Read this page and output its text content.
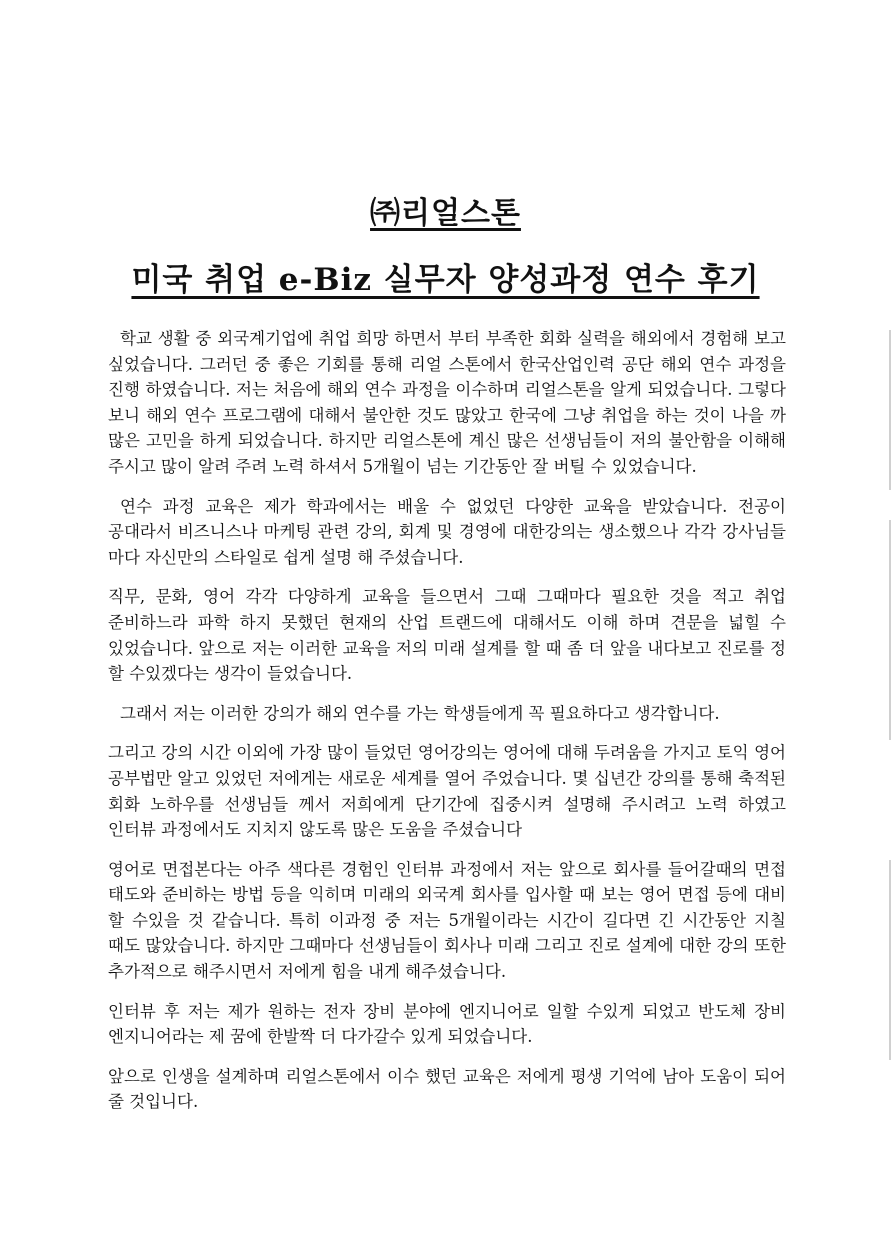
㈜리얼스톤
미국 취업 e-Biz 실무자 양성과정 연수 후기

학교 생활 중 외국계기업에 취업 희망 하면서 부터 부족한 회화 실력을 해외에서 경험해 보고 싶었습니다. 그러던 중 좋은 기회를 통해 리얼 스톤에서 한국산업인력 공단 해외 연수 과정을 진행 하였습니다. 저는 처음에 해외 연수 과정을 이수하며 리얼스톤을 알게 되었습니다. 그렇다 보니 해외 연수 프로그램에 대해서 불안한 것도 많았고 한국에 그냥 취업을 하는 것이 나을 까 많은 고민을 하게 되었습니다. 하지만 리얼스톤에 계신 많은 선생님들이 저의 불안함을 이해해 주시고 많이 알려 주려 노력 하셔서 5개월이 넘는 기간동안 잘 버틸 수 있었습니다.

연수 과정 교육은 제가 학과에서는 배울 수 없었던 다양한 교육을 받았습니다. 전공이 공대라서 비즈니스나 마케팅 관련 강의, 회계 및 경영에 대한강의는 생소했으나 각각 강사님들 마다 자신만의 스타일로 쉽게 설명 해 주셨습니다.

직무, 문화, 영어 각각 다양하게 교육을 들으면서 그때 그때마다 필요한 것을 적고 취업 준비하느라 파학 하지 못했던 현재의 산업 트랜드에 대해서도 이해 하며 견문을 넓힐 수 있었습니다. 앞으로 저는 이러한 교육을 저의 미래 설계를 할 때 좀 더 앞을 내다보고 진로를 정 할 수있겠다는 생각이 들었습니다.

그래서 저는 이러한 강의가 해외 연수를 가는 학생들에게 꼭 필요하다고 생각합니다.

그리고 강의 시간 이외에 가장 많이 들었던 영어강의는 영어에 대해 두려움을 가지고 토익 영어 공부법만 알고 있었던 저에게는 새로운 세계를 열어 주었습니다. 몇 십년간 강의를 통해 축적된 회화 노하우를 선생님들 께서 저희에게 단기간에 집중시켜 설명해 주시려고 노력 하였고 인터뷰 과정에서도 지치지 않도록 많은 도움을 주셨습니다

영어로 면접본다는 아주 색다른 경험인 인터뷰 과정에서 저는 앞으로 회사를 들어갈때의 면접 태도와 준비하는 방법 등을 익히며 미래의 외국계 회사를 입사할 때 보는 영어 면접 등에 대비 할 수있을 것 같습니다. 특히 이과정 중 저는 5개월이라는 시간이 길다면 긴 시간동안 지칠 때도 많았습니다. 하지만 그때마다 선생님들이 회사나 미래 그리고 진로 설계에 대한 강의 또한 추가적으로 해주시면서 저에게 힘을 내게 해주셨습니다.

인터뷰 후 저는 제가 원하는 전자 장비 분야에 엔지니어로 일할 수있게 되었고 반도체 장비 엔지니어라는 제 꿈에 한발짝 더 다가갈수 있게 되었습니다.

앞으로 인생을 설계하며 리얼스톤에서 이수 했던 교육은 저에게 평생 기억에 남아 도움이 되어 줄 것입니다.
